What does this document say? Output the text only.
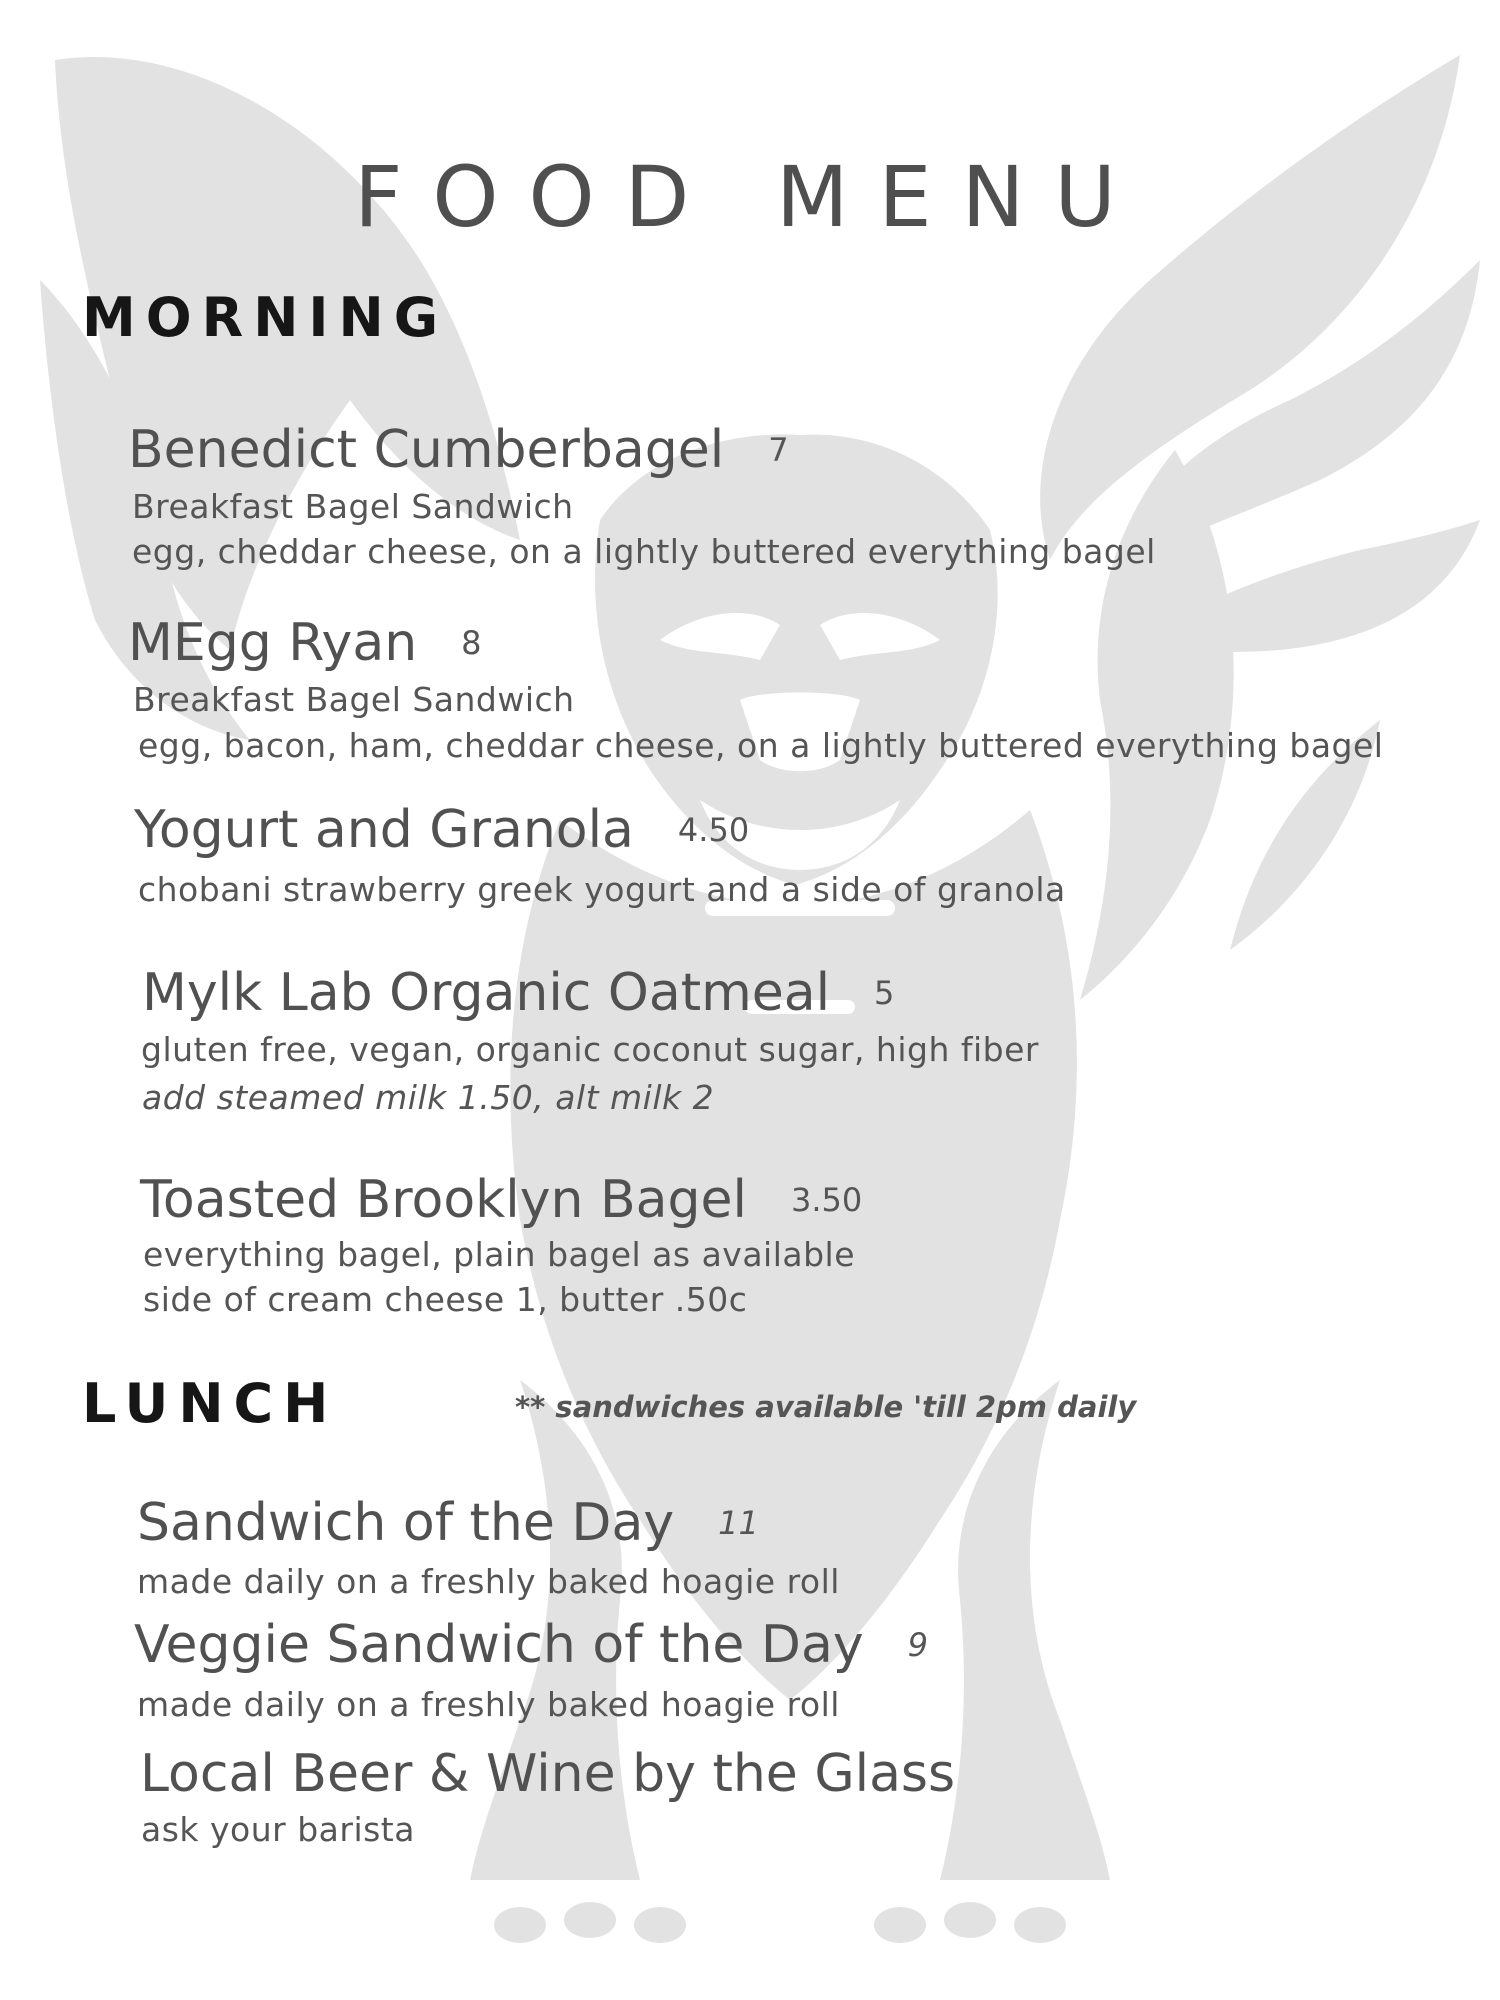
FOOD MENU
MORNING
Benedict Cumberbagel 7
Breakfast Bagel Sandwich
egg, cheddar cheese, on a lightly buttered everything bagel
MEgg Ryan 8
Breakfast Bagel Sandwich
egg, bacon, ham, cheddar cheese, on a lightly buttered everything bagel
Yogurt and Granola 4.50
chobani strawberry greek yogurt and a side of granola
Mylk Lab Organic Oatmeal 5
gluten free, vegan, organic coconut sugar, high fiber
add steamed milk 1.50, alt milk 2
Toasted Brooklyn Bagel 3.50
everything bagel, plain bagel as available
side of cream cheese 1, butter .50c
LUNCH	** sandwiches available 'till 2pm daily
Sandwich of the Day 11
made daily on a freshly baked hoagie roll
Veggie Sandwich of the Day 9
made daily on a freshly baked hoagie roll
Local Beer & Wine by the Glass
ask your barista
